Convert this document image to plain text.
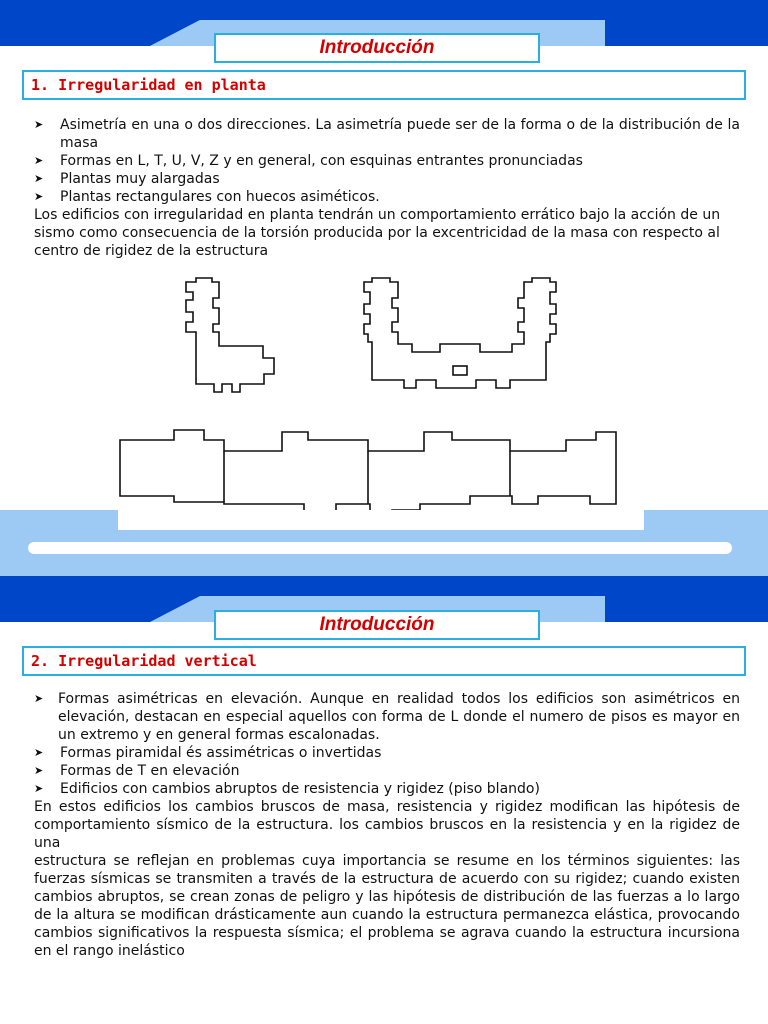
Introducción
1. Irregularidad en planta
➤	Asimetría en una o dos direcciones. La asimetría puede ser de la forma o de la distribución de la masa
➤	Formas en L, T, U, V, Z y en general, con esquinas entrantes pronunciadas
➤	Plantas muy alargadas
➤	Plantas rectangulares con huecos asiméticos.
Los edificios con irregularidad en planta tendrán un comportamiento errático bajo la acción de un sismo como consecuencia de la torsión producida por la excentricidad de la masa con respecto al centro de rigidez de la estructura
Introducción
2. Irregularidad vertical
➤	Formas asimétricas en elevación. Aunque en realidad todos los edificios son asimétricos en elevación, destacan en especial aquellos con forma de L donde el numero de pisos es mayor en un extremo y en general formas escalonadas.
➤	Formas piramidal és assimétricas o invertidas
➤	Formas de T en elevación
➤	Edificios con cambios abruptos de resistencia y rigidez (piso blando)
En estos edificios los cambios bruscos de masa, resistencia y rigidez modifican las hipótesis de comportamiento sísmico de la estructura. los cambios bruscos en la resistencia y en la rigidez de una
estructura se reflejan en problemas cuya importancia se resume en los términos siguientes: las fuerzas sísmicas se transmiten a través de la estructura de acuerdo con su rigidez; cuando existen cambios abruptos, se crean zonas de peligro y las hipótesis de distribución de las fuerzas a lo largo de la altura se modifican drásticamente aun cuando la estructura permanezca elástica, provocando cambios significativos la respuesta sísmica; el problema se agrava cuando la estructura incursiona en el rango inelástico
